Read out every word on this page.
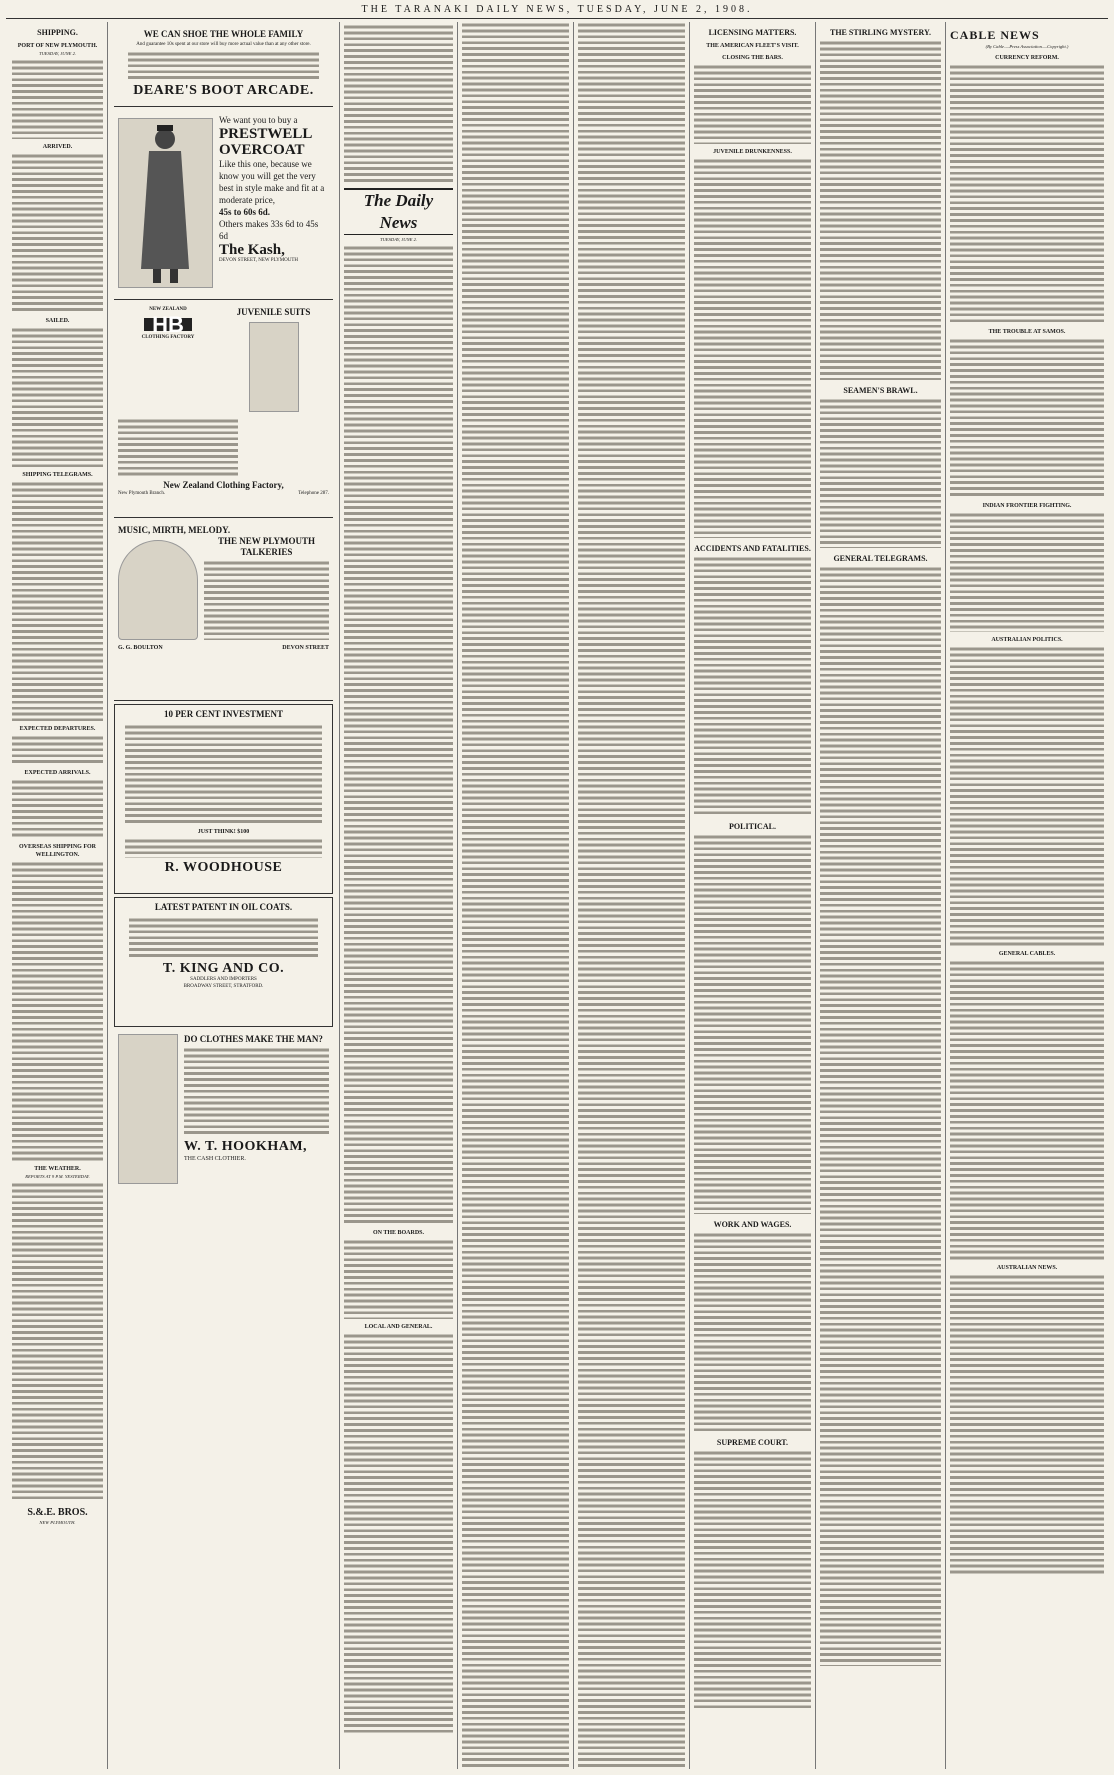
THE TARANAKI DAILY NEWS, TUESDAY, JUNE 2, 1908.
SHIPPING.
PORT OF NEW PLYMOUTH.
TUESDAY, JUNE 2.
ARRIVED.
SAILED.
SHIPPING TELEGRAMS.
EXPECTED DEPARTURES.
EXPECTED ARRIVALS.
OVERSEAS SHIPPING FOR WELLINGTON.
THE WEATHER.
REPORTS AT 9 P.M. YESTERDAY.
S.&.E. BROS.
NEW PLYMOUTH.
WE CAN SHOE THE WHOLE FAMILY
And guarantee 10s spent at our store will buy more actual value than at any other store.
DEARE'S BOOT ARCADE.
We want you to buy a
PRESTWELL OVERCOAT
Like this one, because we know you will get the very best in style make and fit at a moderate price,
45s to 60s 6d.
Others makes 33s 6d to 45s 6d
The Kash,
DEVON STREET, NEW PLYMOUTH
NEW ZEALAND
HB
CLOTHING FACTORY
JUVENILE SUITS
New Zealand Clothing Factory,
New Plymouth Branch.	Telephone 287.
MUSIC, MIRTH, MELODY.
THE NEW PLYMOUTH TALKERIES
G. G. BOULTON	DEVON STREET
10 PER CENT INVESTMENT
JUST THINK! $100
R. WOODHOUSE
LATEST PATENT IN OIL COATS.
T. KING AND CO.
SADDLERS AND IMPORTERS
BROADWAY STREET, STRATFORD.
DO CLOTHES MAKE THE MAN?
W. T. HOOKHAM,
THE CASH CLOTHIER.
The Daily News
TUESDAY, JUNE 2.
ON THE BOARDS.
LOCAL AND GENERAL.
LICENSING MATTERS.
THE AMERICAN FLEET'S VISIT.
CLOSING THE BARS.
JUVENILE DRUNKENNESS.
ACCIDENTS AND FATALITIES.
POLITICAL.
WORK AND WAGES.
SUPREME COURT.
THE STIRLING MYSTERY.
SEAMEN'S BRAWL.
GENERAL TELEGRAMS.
CABLE NEWS
(By Cable.—Press Association.—Copyright.)
CURRENCY REFORM.
THE TROUBLE AT SAMOS.
INDIAN FRONTIER FIGHTING.
AUSTRALIAN POLITICS.
GENERAL CABLES.
AUSTRALIAN NEWS.
